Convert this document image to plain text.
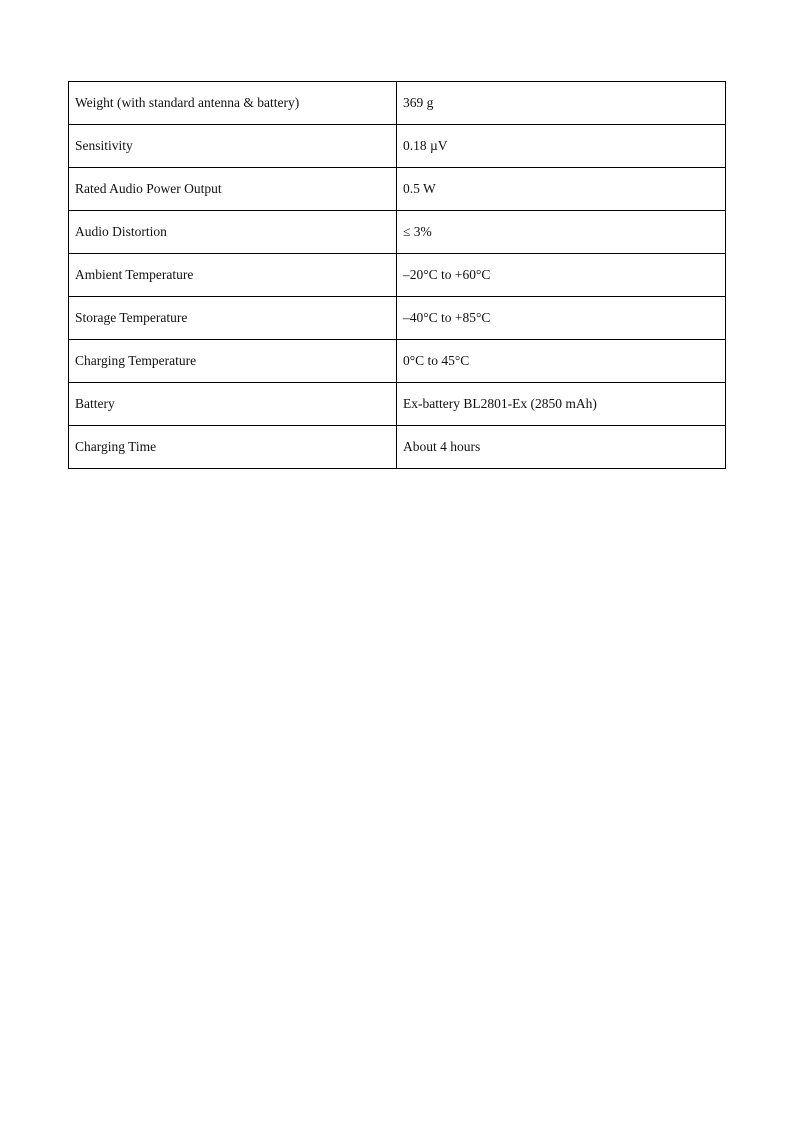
Weight (with standard antenna & battery)	369 g
Sensitivity	0.18 µV
Rated Audio Power Output	0.5 W
Audio Distortion	≤ 3%
Ambient Temperature	–20°C to +60°C
Storage Temperature	–40°C to +85°C
Charging Temperature	0°C to 45°C
Battery	Ex-battery BL2801-Ex (2850 mAh)
Charging Time	About 4 hours
